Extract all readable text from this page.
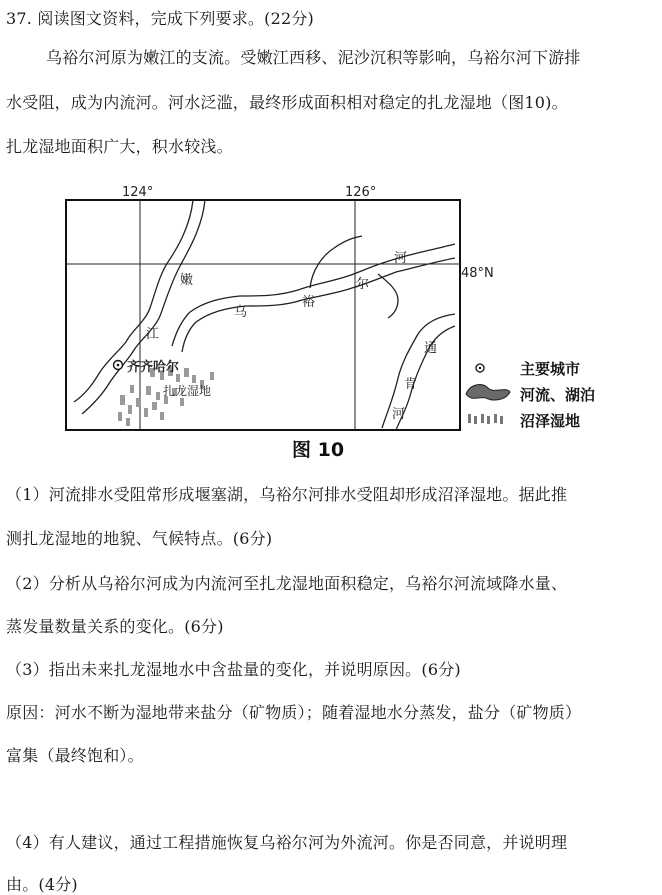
37. 阅读图文资料，完成下列要求。(22分)
乌裕尔河原为嫩江的支流。受嫩江西移、泥沙沉积等影响，乌裕尔河下游排
水受阻，成为内流河。河水泛滥，最终形成面积相对稳定的扎龙湿地（图10)。
扎龙湿地面积广大，积水较浅。
124°	126°
48°N
嫩
江
乌
裕
尔
河
通
肯
河
齐齐哈尔
扎龙湿地
图 10
主要城市
河流、湖泊
沼泽湿地
（1）河流排水受阻常形成堰塞湖，乌裕尔河排水受阻却形成沼泽湿地。据此推
测扎龙湿地的地貌、气候特点。(6分)
（2）分析从乌裕尔河成为内流河至扎龙湿地面积稳定，乌裕尔河流域降水量、
蒸发量数量关系的变化。(6分)
（3）指出未来扎龙湿地水中含盐量的变化，并说明原因。(6分)
原因：河水不断为湿地带来盐分（矿物质）；随着湿地水分蒸发，盐分（矿物质）
富集（最终饱和）。
（4）有人建议，通过工程措施恢复乌裕尔河为外流河。你是否同意，并说明理
由。(4分)
